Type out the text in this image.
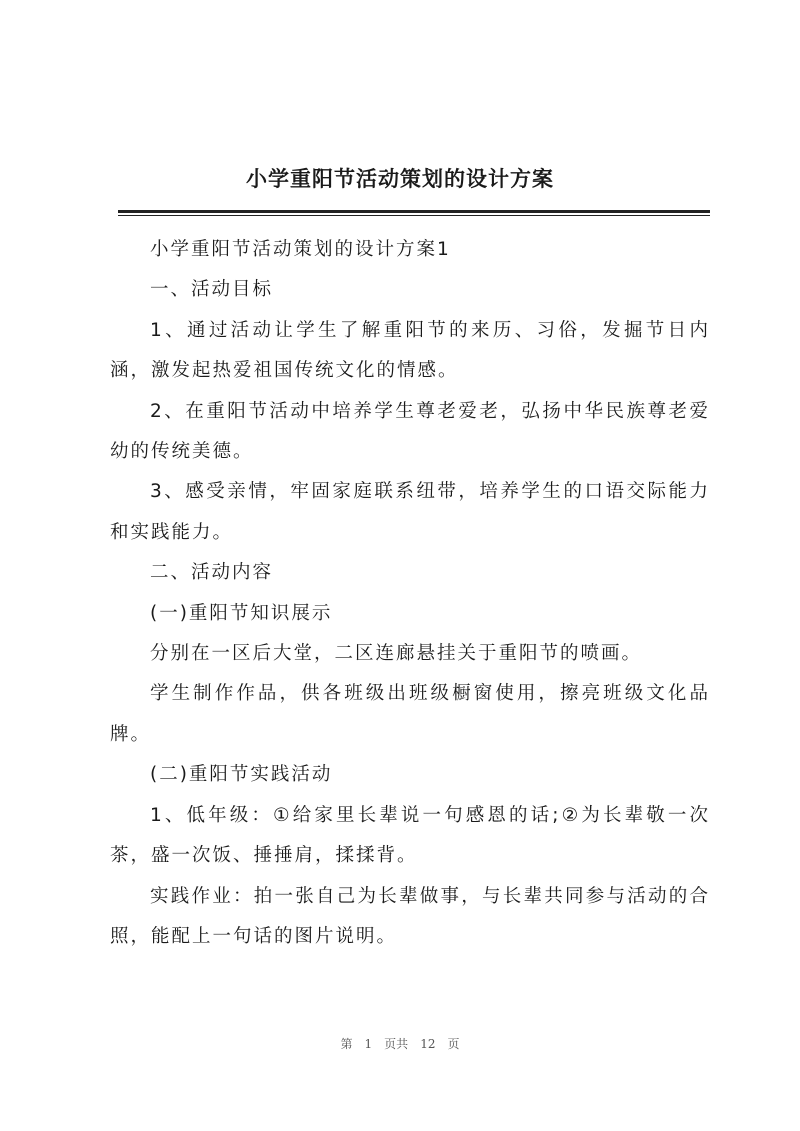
小学重阳节活动策划的设计方案

小学重阳节活动策划的设计方案1

一、活动目标

1、通过活动让学生了解重阳节的来历、习俗，发掘节日内涵，激发起热爱祖国传统文化的情感。

2、在重阳节活动中培养学生尊老爱老，弘扬中华民族尊老爱幼的传统美德。

3、感受亲情，牢固家庭联系纽带，培养学生的口语交际能力和实践能力。

二、活动内容

(一)重阳节知识展示

分别在一区后大堂，二区连廊悬挂关于重阳节的喷画。

学生制作作品，供各班级出班级橱窗使用，擦亮班级文化品牌。

(二)重阳节实践活动

1、低年级：①给家里长辈说一句感恩的话;②为长辈敬一次茶，盛一次饭、捶捶肩，揉揉背。

实践作业：拍一张自己为长辈做事，与长辈共同参与活动的合照，能配上一句话的图片说明。

第 1 页共 12 页
